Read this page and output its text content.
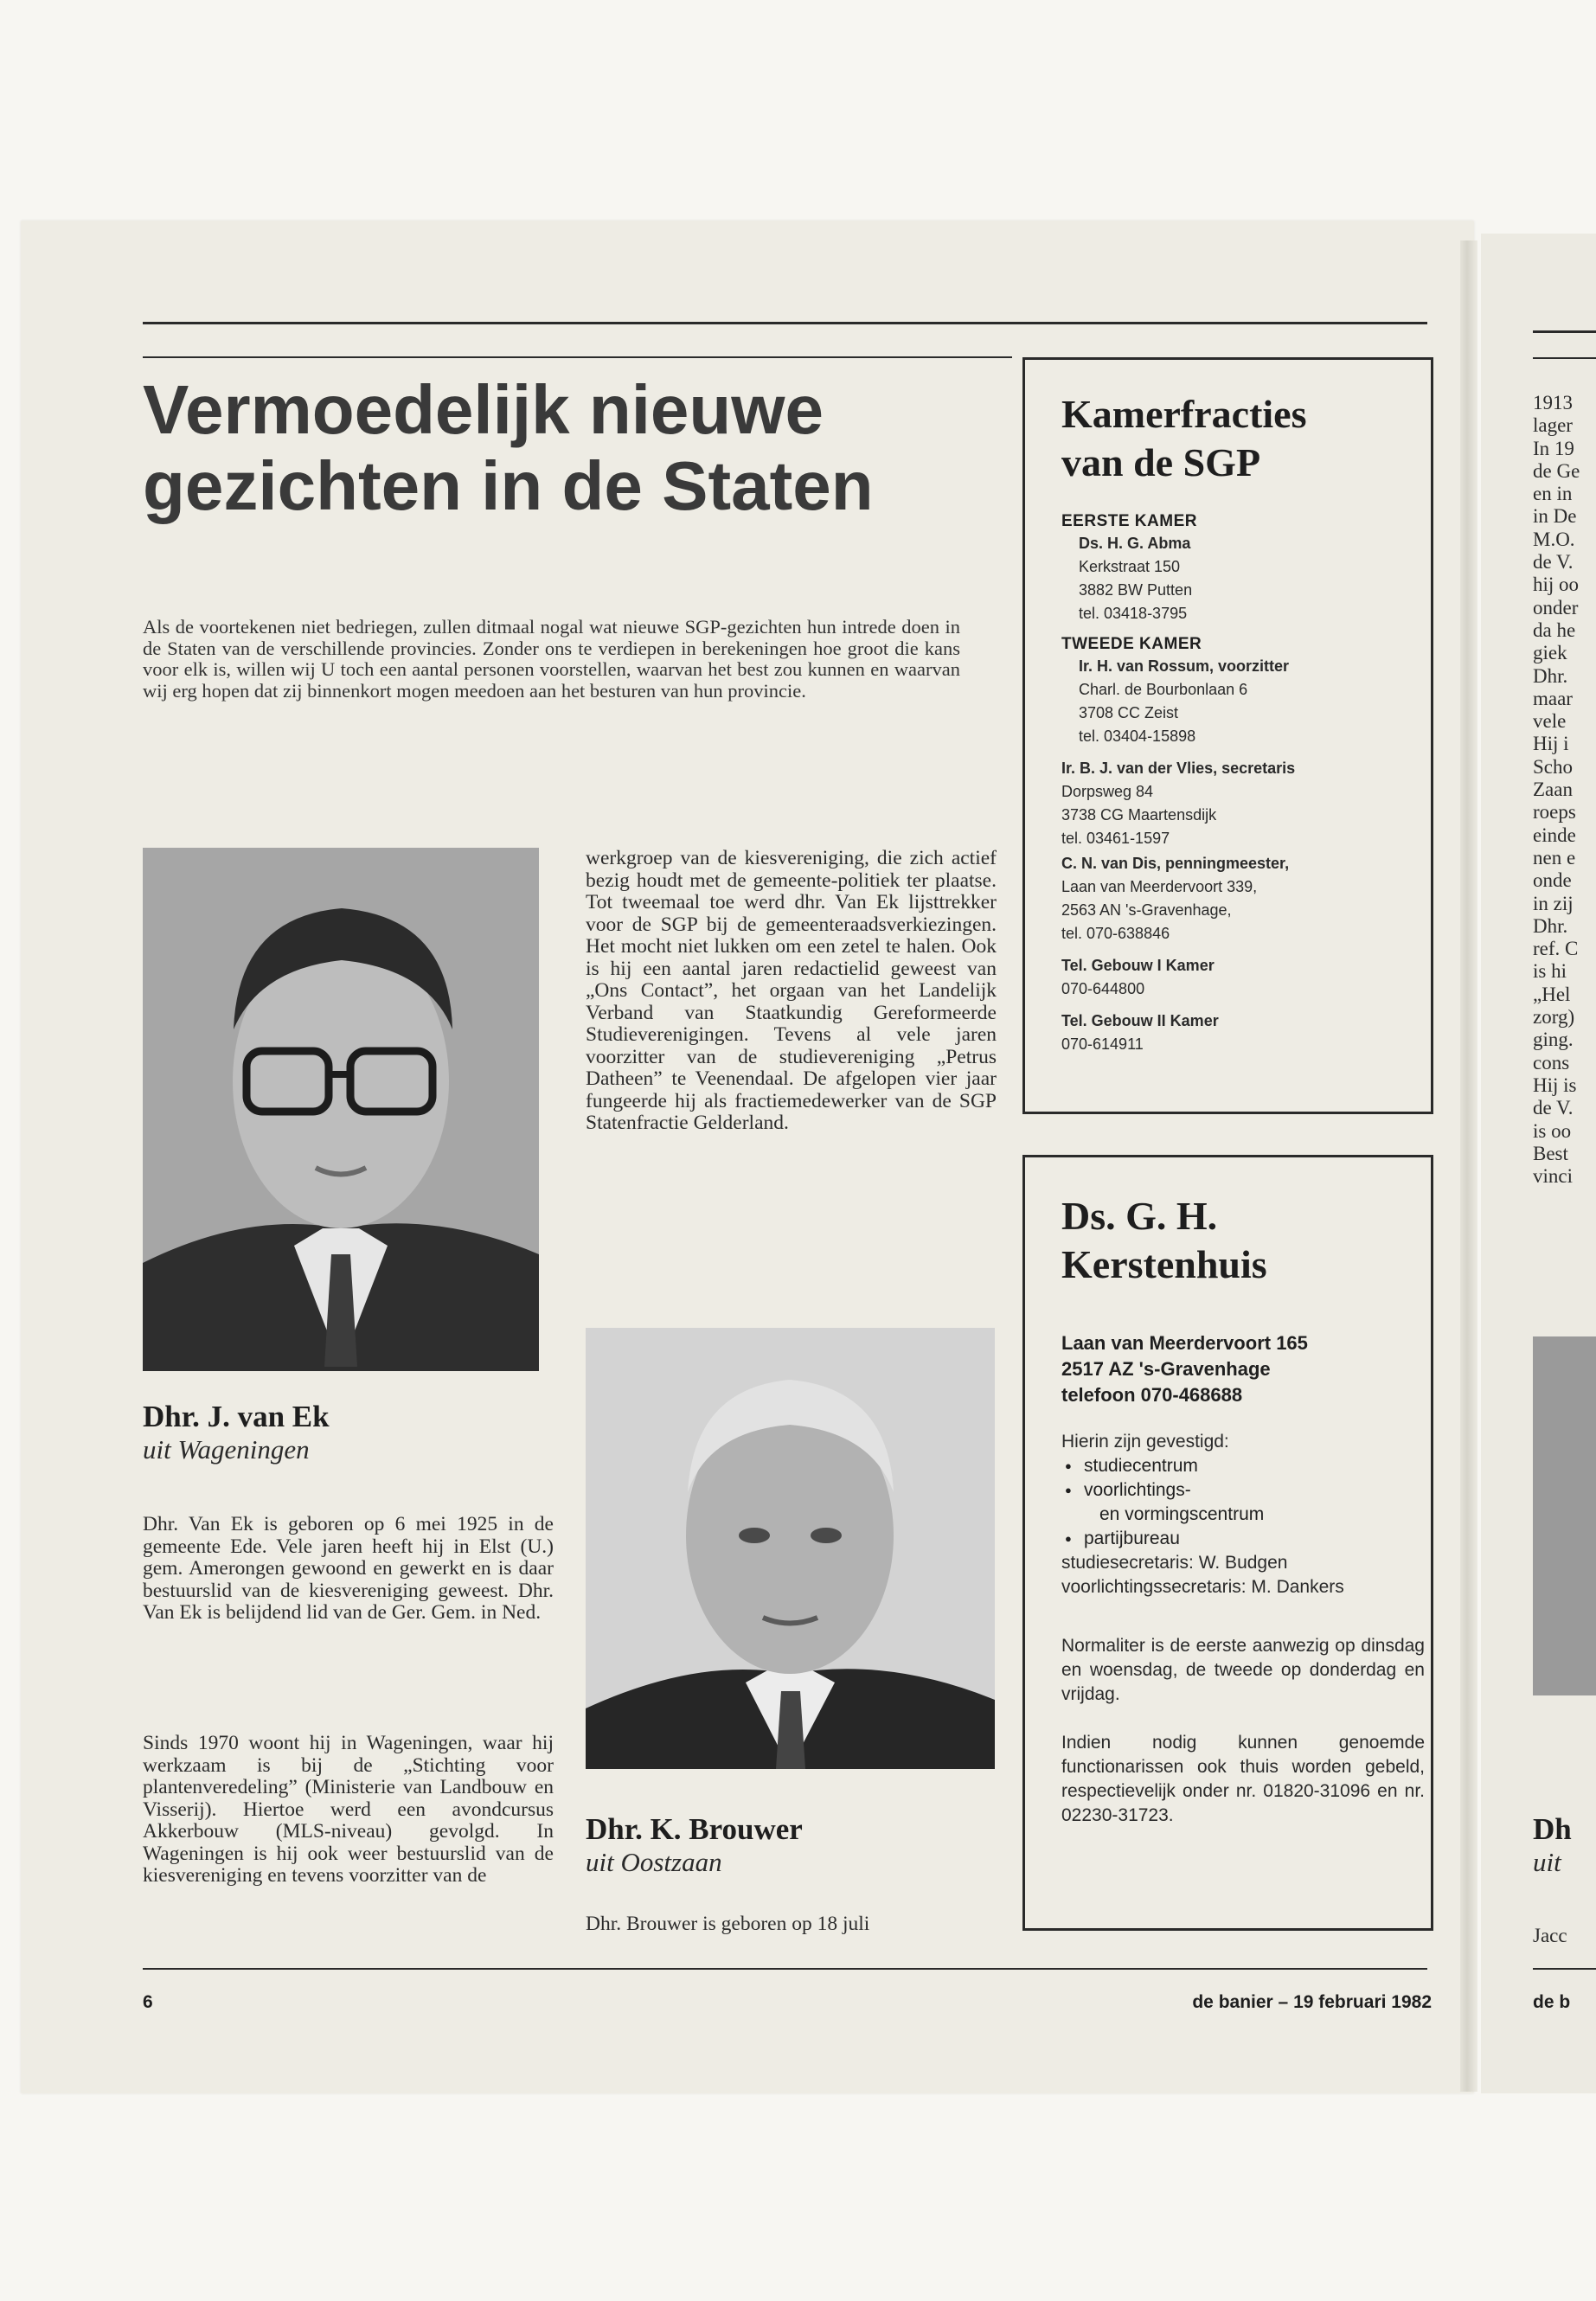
Vermoedelijk nieuwe
gezichten in de Staten

Als de voortekenen niet bedriegen, zullen ditmaal nogal wat nieuwe SGP-gezichten hun intrede doen in de Staten van de verschillende provincies. Zonder ons te verdiepen in berekeningen hoe groot die kans voor elk is, willen wij U toch een aantal personen voorstellen, waarvan het best zou kunnen en waarvan wij erg hopen dat zij binnenkort mogen meedoen aan het besturen van hun provincie.

Dhr. J. van Ek

uit Wageningen

Dhr. Van Ek is geboren op 6 mei 1925 in de gemeente Ede. Vele jaren heeft hij in Elst (U.) gem. Amerongen gewoond en gewerkt en is daar bestuurslid van de kiesvereniging geweest. Dhr. Van Ek is belijdend lid van de Ger. Gem. in Ned.

Sinds 1970 woont hij in Wageningen, waar hij werkzaam is bij de „Stichting voor plantenveredeling” (Ministerie van Landbouw en Visserij). Hiertoe werd een avondcursus Akkerbouw (MLS-niveau) gevolgd. In Wageningen is hij ook weer bestuurslid van de kiesvereniging en tevens voorzitter van de

werkgroep van de kiesvereniging, die zich actief bezig houdt met de gemeente-politiek ter plaatse. Tot tweemaal toe werd dhr. Van Ek lijsttrekker voor de SGP bij de gemeenteraadsverkiezingen. Het mocht niet lukken om een zetel te halen. Ook is hij een aantal jaren redactielid geweest van „Ons Contact”, het orgaan van het Landelijk Verband van Staatkundig Gereformeerde Studieverenigingen. Tevens al vele jaren voorzitter van de studievereniging „Petrus Datheen” te Veenendaal. De afgelopen vier jaar fungeerde hij als fractiemedewerker van de SGP Statenfractie Gelderland.

Dhr. K. Brouwer

uit Oostzaan

Dhr. Brouwer is geboren op 18 juli

Kamerfracties
van de SGP

EERSTE KAMER

Ds. H. G. Abma
Kerkstraat 150
3882 BW Putten
tel. 03418-3795

TWEEDE KAMER

Ir. H. van Rossum, voorzitter
Charl. de Bourbonlaan 6
3708 CC Zeist
tel. 03404-15898

Ir. B. J. van der Vlies, secretaris
Dorpsweg 84
3738 CG Maartensdijk
tel. 03461-1597

C. N. van Dis, penningmeester,
Laan van Meerdervoort 339,
2563 AN 's-Gravenhage,
tel. 070-638846

Tel. Gebouw I Kamer
070-644800

Tel. Gebouw II Kamer
070-614911

Ds. G. H.
Kerstenhuis

Laan van Meerdervoort 165

2517 AZ 's-Gravenhage

telefoon 070-468688

Hierin zijn gevestigd:

● studiecentrum
● voorlichtings-
en vormingscentrum
● partijbureau

studiesecretaris: W. Budgen

voorlichtingssecretaris: M. Dankers

Normaliter is de eerste aanwezig op dinsdag en woensdag, de tweede op donderdag en vrijdag.

Indien nodig kunnen genoemde functionarissen ook thuis worden gebeld, respectievelijk onder nr. 01820-31096 en nr. 02230-31723.

6	de banier – 19 februari 1982

1913

lager

In 19

de Ge

en in

in De

M.O.

de V.

hij oo

onder

da he

giek

Dhr.

maar

vele

Hij i

Scho

Zaan

roeps

einde

nen e

onde

in zij

Dhr.

ref. C

is hi

„Hel

zorg)

ging.

cons

Hij is

de V.

is oo

Best

vinci

Dh

uit

Jacc

de b
